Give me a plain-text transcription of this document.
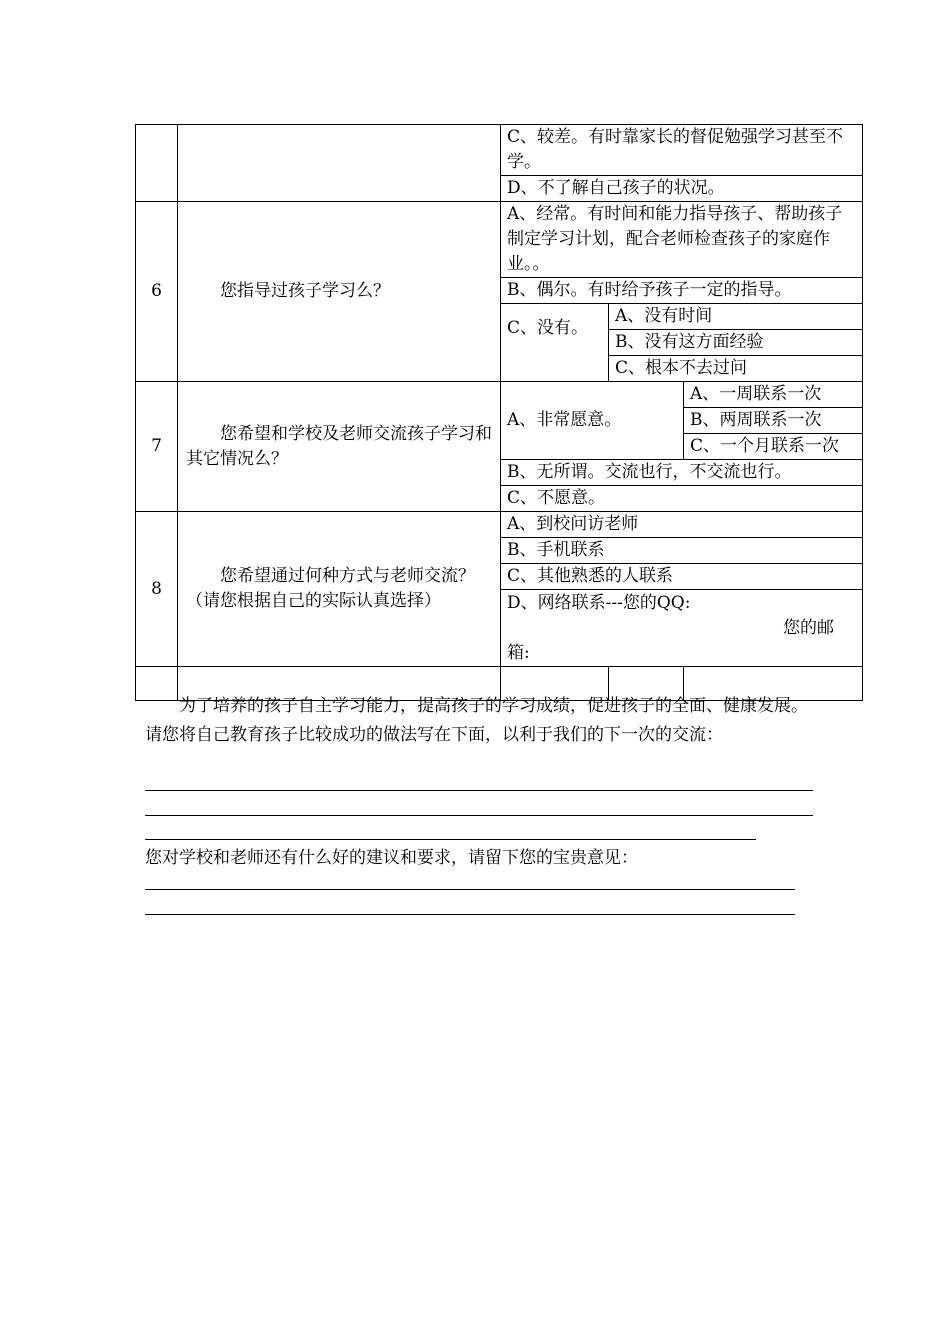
		C、较差。有时靠家长的督促勉强学习甚至不学。		
		D、不了解自己孩子的状况。		
6	您指导过孩子学习么？	A、经常。有时间和能力指导孩子、帮助孩子制定学习计划，配合老师检查孩子的家庭作业。。		
		B、偶尔。有时给予孩子一定的指导。		
		C、没有。	A、没有时间	
			B、没有这方面经验	
			C、根本不去过问	
7	您希望和学校及老师交流孩子学习和其它情况么？	A、非常愿意。		A、一周联系一次
				B、两周联系一次
				C、一个月联系一次
		B、无所谓。交流也行，不交流也行。		
		C、不愿意。		
8	您希望通过何种方式与老师交流？（请您根据自己的实际认真选择）	A、到校问访老师		
		B、手机联系		
		C、其他熟悉的人联系		

		D、网络联系---您的QQ:
您的邮
箱:		

为了培养的孩子自主学习能力，提高孩子的学习成绩，促进孩子的全面、健康发展。请您将自己教育孩子比较成功的做法写在下面，以利于我们的下一次的交流：
您对学校和老师还有什么好的建议和要求，请留下您的宝贵意见：
